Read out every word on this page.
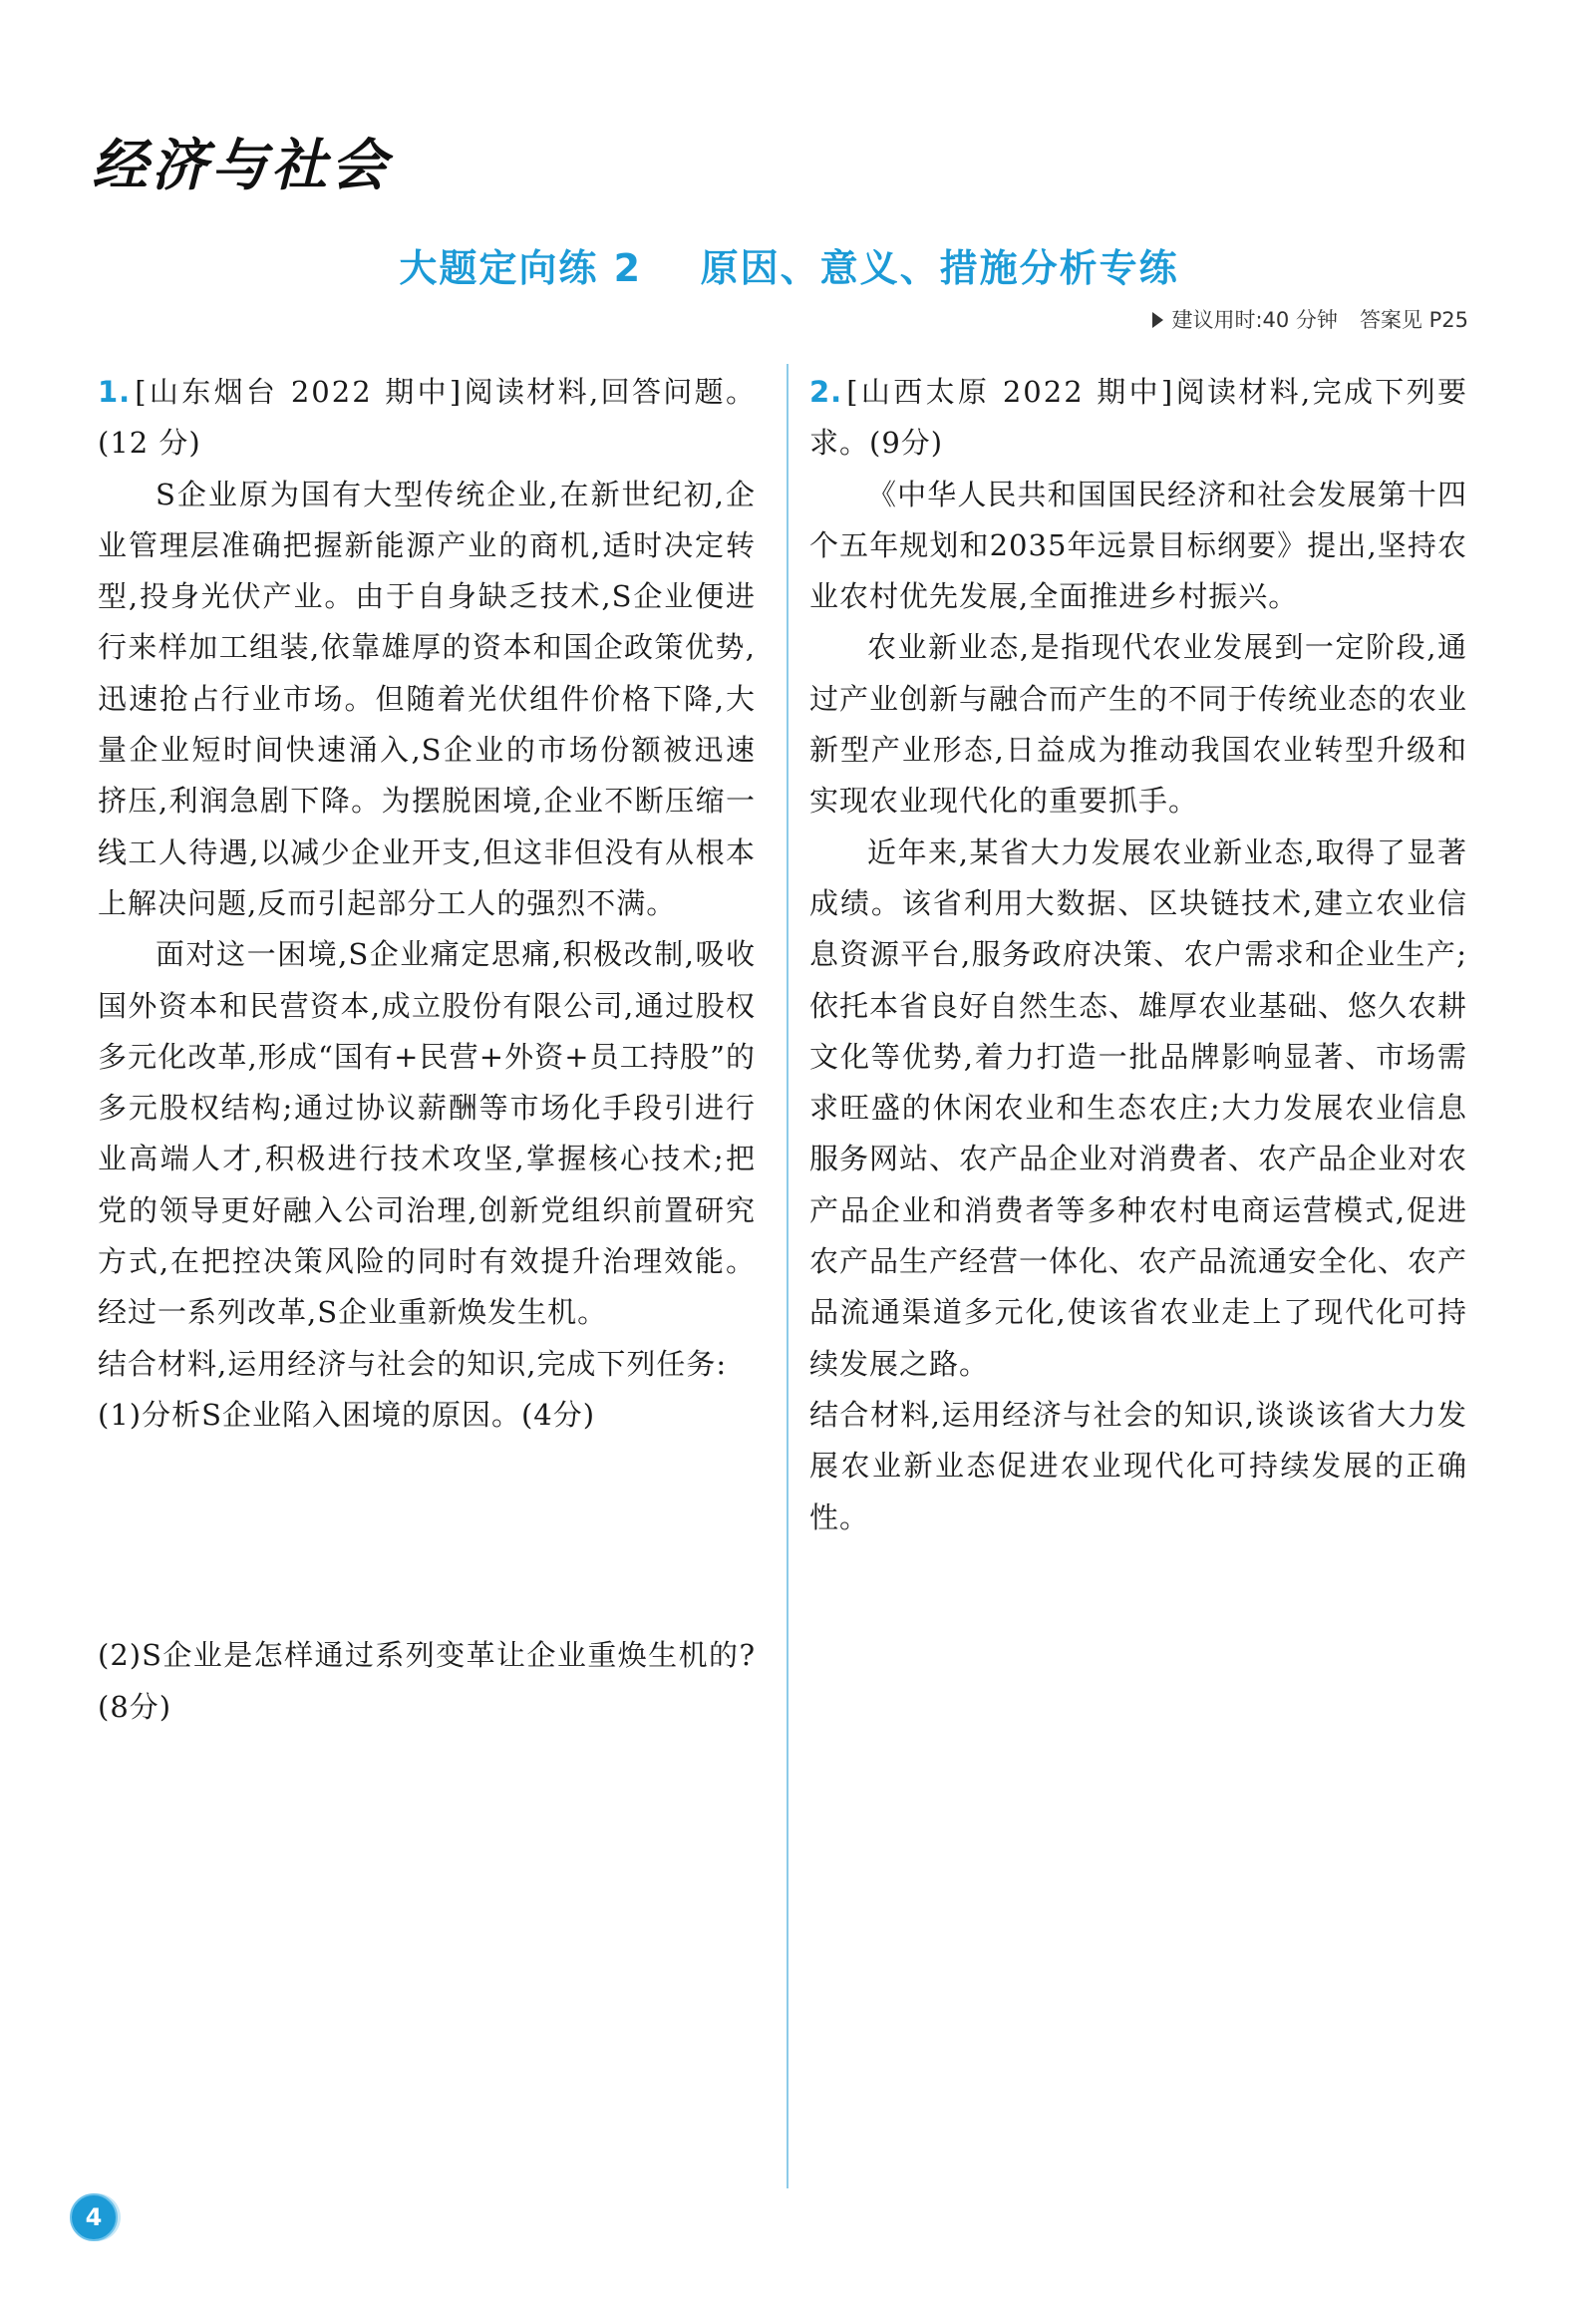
经济与社会
大题定向练 2 原因、意义、措施分析专练
建议用时:40 分钟 答案见 P25

1. [山东烟台 2022 期中]阅读材料,回答问题。(12 分)

S企业原为国有大型传统企业,在新世纪初,企业管理层准确把握新能源产业的商机,适时决定转型,投身光伏产业。由于自身缺乏技术,S企业便进行来样加工组装,依靠雄厚的资本和国企政策优势,迅速抢占行业市场。但随着光伏组件价格下降,大量企业短时间快速涌入,S企业的市场份额被迅速挤压,利润急剧下降。为摆脱困境,企业不断压缩一线工人待遇,以减少企业开支,但这非但没有从根本上解决问题,反而引起部分工人的强烈不满。

面对这一困境,S企业痛定思痛,积极改制,吸收国外资本和民营资本,成立股份有限公司,通过股权多元化改革,形成“国有+民营+外资+员工持股”的多元股权结构;通过协议薪酬等市场化手段引进行业高端人才,积极进行技术攻坚,掌握核心技术;把党的领导更好融入公司治理,创新党组织前置研究方式,在把控决策风险的同时有效提升治理效能。经过一系列改革,S企业重新焕发生机。

结合材料,运用经济与社会的知识,完成下列任务:

(1)分析S企业陷入困境的原因。(4分)

(2)S企业是怎样通过系列变革让企业重焕生机的?(8分)

2. [山西太原 2022 期中]阅读材料,完成下列要求。(9分)

《中华人民共和国国民经济和社会发展第十四个五年规划和2035年远景目标纲要》提出,坚持农业农村优先发展,全面推进乡村振兴。

农业新业态,是指现代农业发展到一定阶段,通过产业创新与融合而产生的不同于传统业态的农业新型产业形态,日益成为推动我国农业转型升级和实现农业现代化的重要抓手。

近年来,某省大力发展农业新业态,取得了显著成绩。该省利用大数据、区块链技术,建立农业信息资源平台,服务政府决策、农户需求和企业生产;依托本省良好自然生态、雄厚农业基础、悠久农耕文化等优势,着力打造一批品牌影响显著、市场需求旺盛的休闲农业和生态农庄;大力发展农业信息服务网站、农产品企业对消费者、农产品企业对农产品企业和消费者等多种农村电商运营模式,促进农产品生产经营一体化、农产品流通安全化、农产品流通渠道多元化,使该省农业走上了现代化可持续发展之路。

结合材料,运用经济与社会的知识,谈谈该省大力发展农业新业态促进农业现代化可持续发展的正确性。

4
